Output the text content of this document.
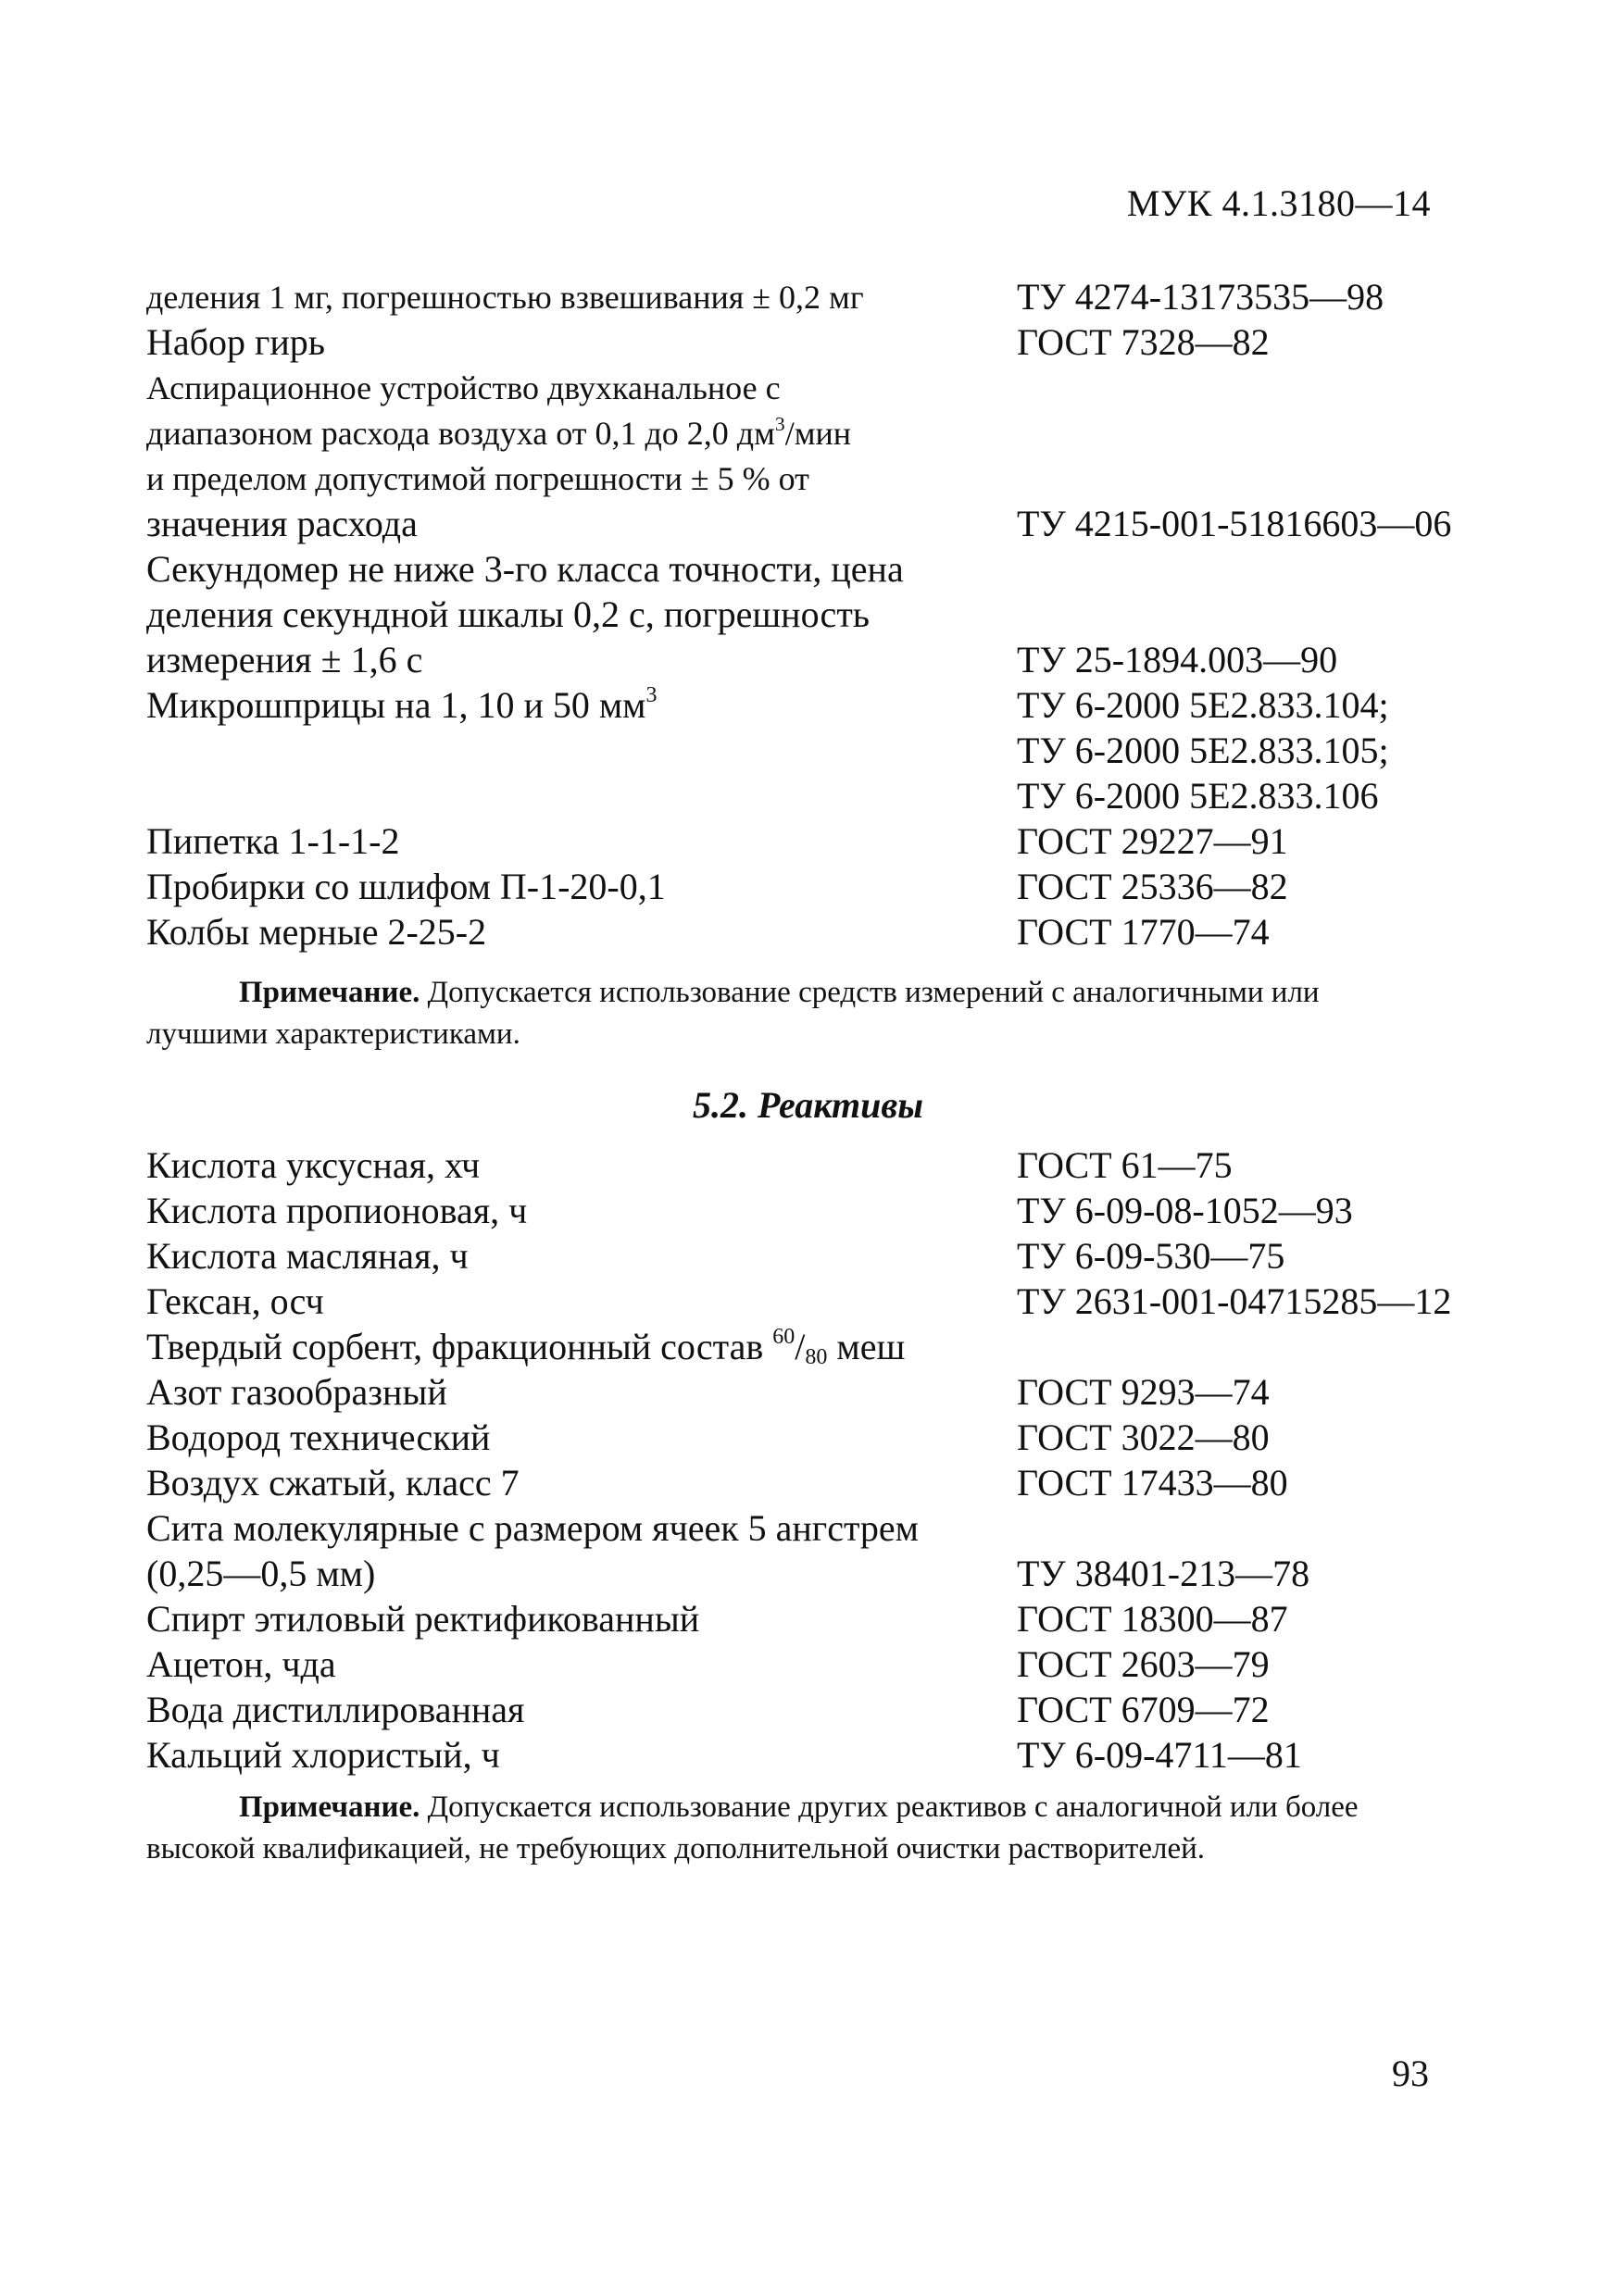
МУК 4.1.3180—14
деления 1 мг, погрешностью взвешивания ± 0,2 мг	ТУ 4274-13173535—98
Набор гирь	ГОСТ 7328—82
Аспирационное устройство двухканальное с
диапазоном расхода воздуха от 0,1 до 2,0 $дм^3$/мин
и пределом допустимой погрешности ± 5 % от
значения расхода	ТУ 4215-001-51816603—06
Секундомер не ниже 3-го класса точности, цена
деления секундной шкалы 0,2 с, погрешность
измерения ± 1,6 с	ТУ 25-1894.003—90
Микрошприцы на 1, 10 и 50 $мм^3$	ТУ 6-2000 5Е2.833.104;
ТУ 6-2000 5Е2.833.105;
ТУ 6-2000 5Е2.833.106
Пипетка 1-1-1-2	ГОСТ 29227—91
Пробирки со шлифом П-1-20-0,1	ГОСТ 25336—82
Колбы мерные 2-25-2	ГОСТ 1770—74
Примечание. Допускается использование средств измерений с аналогичными или лучшими характеристиками.
5.2. Реактивы
Кислота уксусная, хч	ГОСТ 61—75
Кислота пропионовая, ч	ТУ 6-09-08-1052—93
Кислота масляная, ч	ТУ 6-09-530—75
Гексан, осч	ТУ 2631-001-04715285—12
Твердый сорбент, фракционный состав $^{60}/_{80}$ меш
Азот газообразный	ГОСТ 9293—74
Водород технический	ГОСТ 3022—80
Воздух сжатый, класс 7	ГОСТ 17433—80
Сита молекулярные с размером ячеек 5 ангстрем
(0,25—0,5 мм)	ТУ 38401-213—78
Спирт этиловый ректификованный	ГОСТ 18300—87
Ацетон, чда	ГОСТ 2603—79
Вода дистиллированная	ГОСТ 6709—72
Кальций хлористый, ч	ТУ 6-09-4711—81
Примечание. Допускается использование других реактивов с аналогичной или более высокой квалификацией, не требующих дополнительной очистки растворителей.
93
